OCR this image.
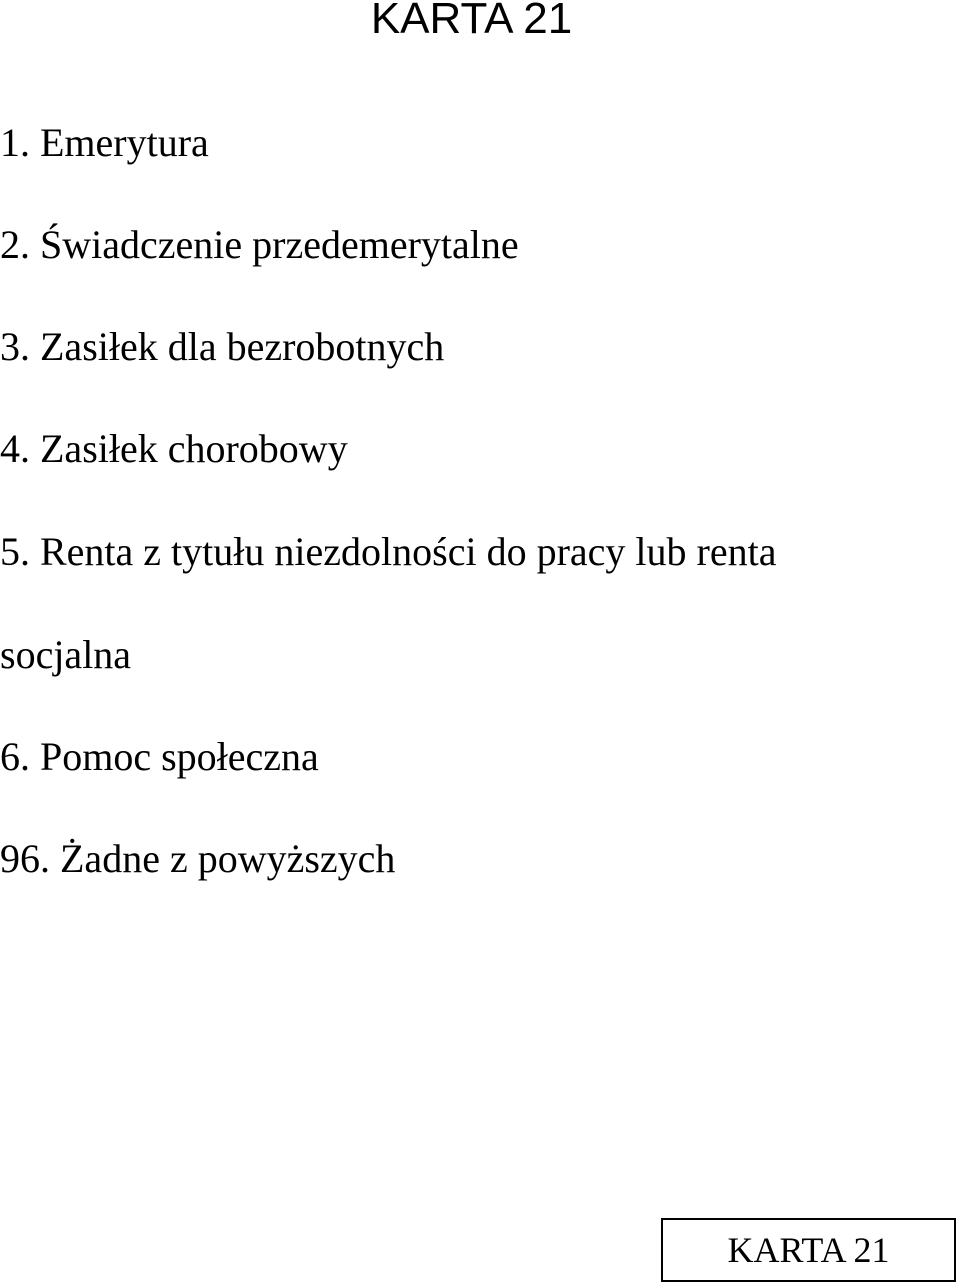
KARTA 21
1. Emerytura
2. Świadczenie przedemerytalne
3. Zasiłek dla bezrobotnych
4. Zasiłek chorobowy
5. Renta z tytułu niezdolności do pracy lub renta socjalna
6. Pomoc społeczna
96. Żadne z powyższych
KARTA 21
